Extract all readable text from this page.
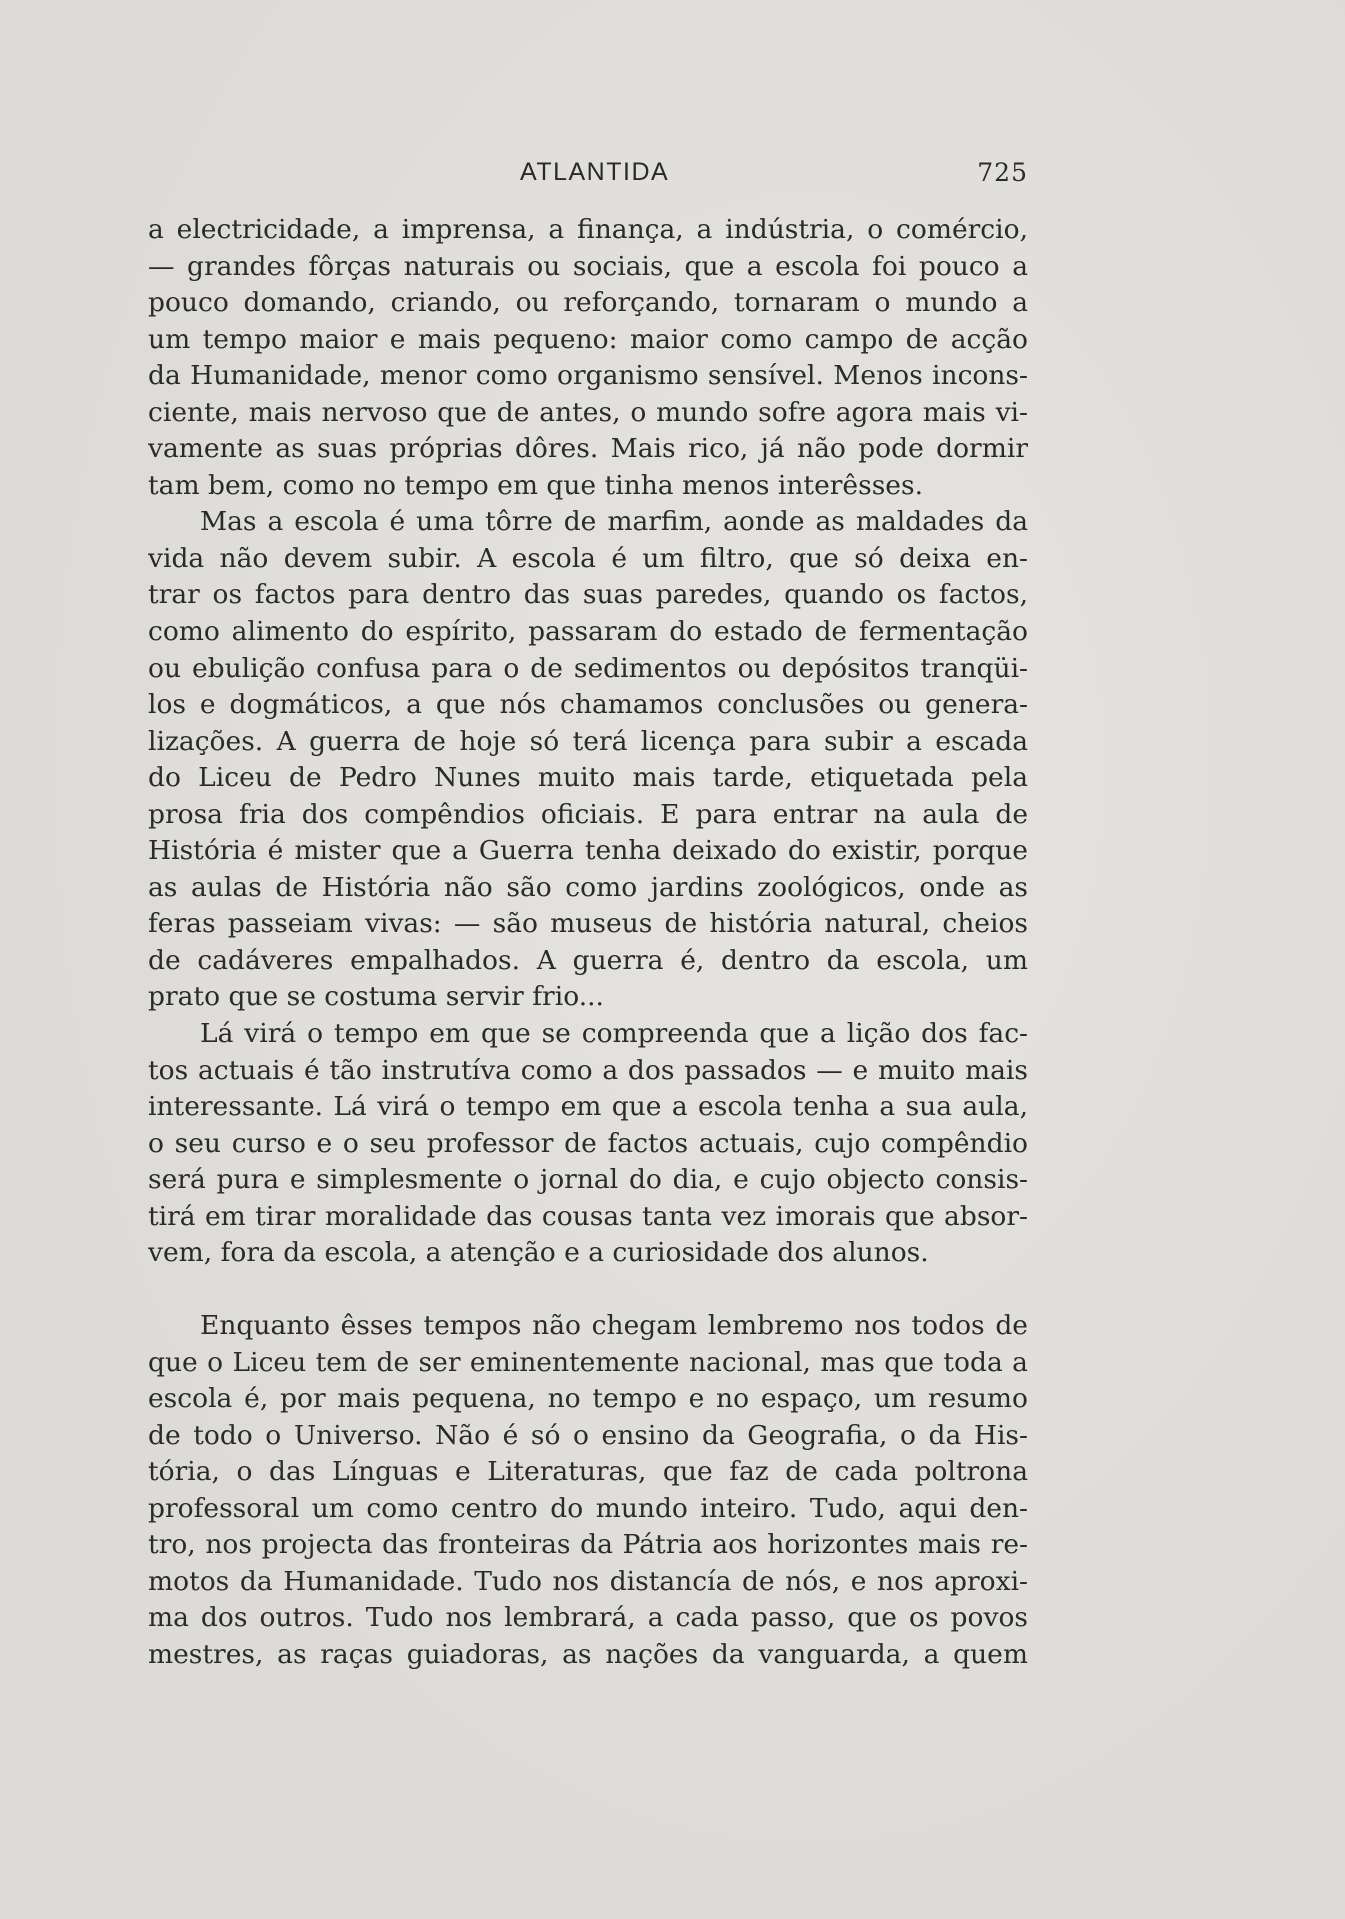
ATLANTIDA	725
a electricidade, a imprensa, a finança, a indústria, o comércio,
— grandes fôrças naturais ou sociais, que a escola foi pouco a
pouco domando, criando, ou reforçando, tornaram o mundo a
um tempo maior e mais pequeno: maior como campo de acção
da Humanidade, menor como organismo sensível. Menos incons-
ciente, mais nervoso que de antes, o mundo sofre agora mais vi-
vamente as suas próprias dôres. Mais rico, já não pode dormir
tam bem, como no tempo em que tinha menos interêsses.
Mas a escola é uma tôrre de marfim, aonde as maldades da
vida não devem subir. A escola é um filtro, que só deixa en-
trar os factos para dentro das suas paredes, quando os factos,
como alimento do espírito, passaram do estado de fermentação
ou ebulição confusa para o de sedimentos ou depósitos tranqüi-
los e dogmáticos, a que nós chamamos conclusões ou genera-
lizações. A guerra de hoje só terá licença para subir a escada
do Liceu de Pedro Nunes muito mais tarde, etiquetada pela
prosa fria dos compêndios oficiais. E para entrar na aula de
História é mister que a Guerra tenha deixado do existir, porque
as aulas de História não são como jardins zoológicos, onde as
feras passeiam vivas: — são museus de história natural, cheios
de cadáveres empalhados. A guerra é, dentro da escola, um
prato que se costuma servir frio...
Lá virá o tempo em que se compreenda que a lição dos fac-
tos actuais é tão instrutíva como a dos passados — e muito mais
interessante. Lá virá o tempo em que a escola tenha a sua aula,
o seu curso e o seu professor de factos actuais, cujo compêndio
será pura e simplesmente o jornal do dia, e cujo objecto consis-
tirá em tirar moralidade das cousas tanta vez imorais que absor-
vem, fora da escola, a atenção e a curiosidade dos alunos.
Enquanto êsses tempos não chegam lembremo nos todos de
que o Liceu tem de ser eminentemente nacional, mas que toda a
escola é, por mais pequena, no tempo e no espaço, um resumo
de todo o Universo. Não é só o ensino da Geografia, o da His-
tória, o das Línguas e Literaturas, que faz de cada poltrona
professoral um como centro do mundo inteiro. Tudo, aqui den-
tro, nos projecta das fronteiras da Pátria aos horizontes mais re-
motos da Humanidade. Tudo nos distancía de nós, e nos aproxi-
ma dos outros. Tudo nos lembrará, a cada passo, que os povos
mestres, as raças guiadoras, as nações da vanguarda, a quem
